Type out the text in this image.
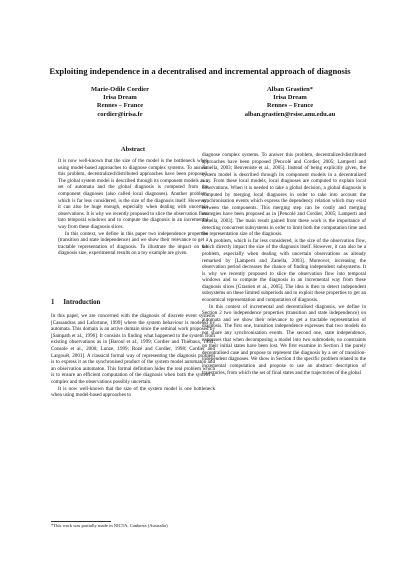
Exploiting independence in a decentralised and incremental approach of diagnosis
Marie-Odile Cordier
Irisa Dream
Rennes – France
cordier@irisa.fr
Alban Grastien*
Irisa Dream
Rennes – France
alban.grastien@rsise.anu.edu.au
Abstract

It is now well-known that the size of the model is the bottleneck when using model-based approaches to diagnose complex systems. To answer this problem, decentralized/distributed approaches have been proposed. The global system model is described through its component models as a set of automata and the global diagnosis is computed from the component diagnoses (also called local diagnoses). Another problem, which is far less considered, is the size of the diagnosis itself. However, it can also be huge enough, especially when dealing with uncertain observations. It is why we recently proposed to slice the observation flow into temporal windows and to compute the diagnosis in an incremental way from these diagnosis slices.

In this context, we define in this paper two independence properties (transition and state independence) and we show their relevance to get a tractable representation of diagnosis. To illustrate the impact on the diagnosis size, experimental results on a toy example are given.

1 Introduction

In this paper, we are concerned with the diagnosis of discrete event systems [Cassandras and Lafortune, 1999] where the system behaviour is modeled by automata. This domain is an active domain since the seminal work proposed by [Sampath et al., 1996]. It consists in finding what happened to the system from existing observations as in [Baroni et al., 1999; Cordier and Thiébaux, 1994; Console et al., 2000; Lunze, 1999; Rozé and Cordier, 1998; Cordier and Largouët, 2001]. A classical formal way of representing the diagnosis problem is to express it as the synchronised product of the system model automaton and an observation automaton. This formal definition hides the real problem which is to ensure an efficient computation of the diagnosis when both the system is complex and the observations possibly uncertain.

It is now well-known that the size of the system model is one bottleneck when using model-based approaches to

*This work was partially made in NICTA, Canberra (Australia)

diagnose complex systems. To answer this problem, decentralized/distributed approaches have been proposed [Pencolé and Cordier, 2005; Lamperti and Zanella, 2003; Benveniste et al., 2005]. Instead of being explicitly given, the system model is described through its component models in a decentralized way. From these local models, local diagnoses are computed to explain local observations. When it is needed to take a global decision, a global diagnosis is computed by merging local diagnoses in order to take into account the synchronisation events which express the dependency relation which may exist between the components. This merging step can be costly and merging strategies have been proposed as in [Pencolé and Cordier, 2005; Lamperti and Zanella, 2003]. The main result gained from these work is the importance of detecting concurrent subsystems in order to limit both the computation time and the representation size of the diagnosis.

A problem, which is far less considered, is the size of the observation flow, which directly impact the size of the diagnosis itself. However, it can also be a problem, especially when dealing with uncertain observations as already remarked by [Lamperti and Zanella, 2003]. Moreover, increasing the observation period decreases the chance of finding independent subsystems. It is why we recently proposed to slice the observation flow into temporal windows and to compute the diagnosis in an incremental way from these diagnosis slices [Grastien et al., 2005]. The idea is then to detect independent subsystems on these limited subperiods and to exploit these properties to get an economical representation and computation of diagnosis.

In this context of incremental and decentralised diagnosis, we define in Section 2 two independence properties (transition and state independence) on automata and we show their relevance to get a tractable representation of diagnosis. The first one, transition independence expresses that two models do not share any synchronisation events. The second one, state independence, expresses that when decomposing a model into two submodels, no constraints on their initial states have been lost. We first examine in Section 3 the purely decentralised case and propose to represent the diagnosis by a set of transition-independent diagnoses. We show in Section 4 the specific problem related to the incremental computation and propose to use an abstract description of trajectories, from which the set of final states and the trajectories of the global
